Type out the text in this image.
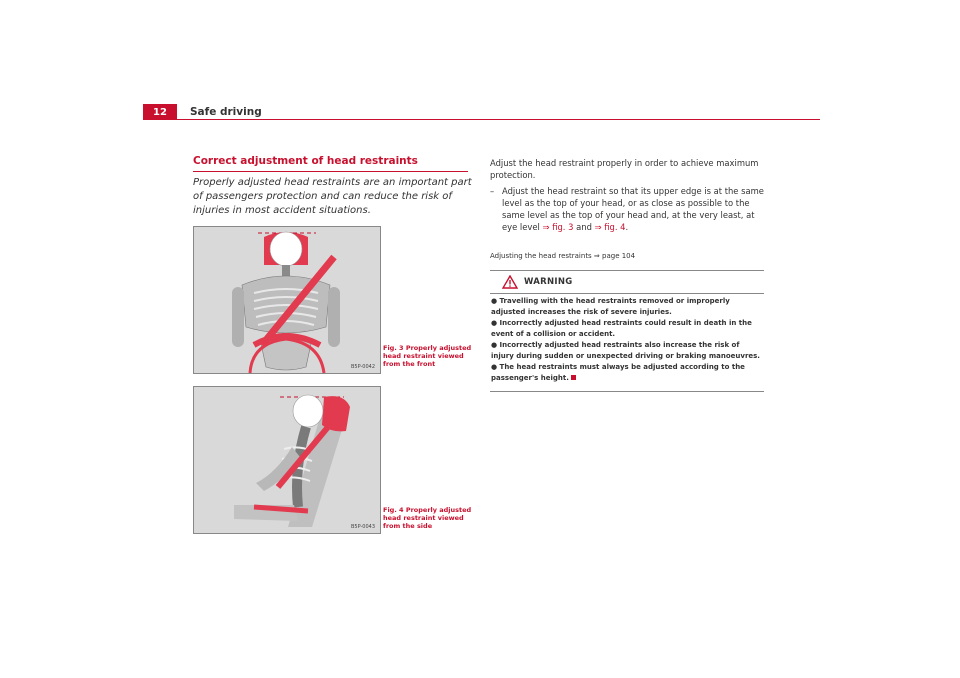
12 Safe driving
Correct adjustment of head restraints
Properly adjusted head restraints are an important part of passengers protection and can reduce the risk of injuries in most accident situations.
B5P-0042
Fig. 3 Properly adjusted head restraint viewed from the front
B5P-0043
Fig. 4 Properly adjusted head restraint viewed from the side
Adjust the head restraint properly in order to achieve maximum protection.
– Adjust the head restraint so that its upper edge is at the same level as the top of your head, or as close as possible to the same level as the top of your head and, at the very least, at eye level ⇒ fig. 3 and ⇒ fig. 4.
Adjusting the head restraints ⇒ page 104
WARNING
● Travelling with the head restraints removed or improperly adjusted increases the risk of severe injuries.
● Incorrectly adjusted head restraints could result in death in the event of a collision or accident.
● Incorrectly adjusted head restraints also increase the risk of injury during sudden or unexpected driving or braking manoeuvres.
● The head restraints must always be adjusted according to the passenger's height.
